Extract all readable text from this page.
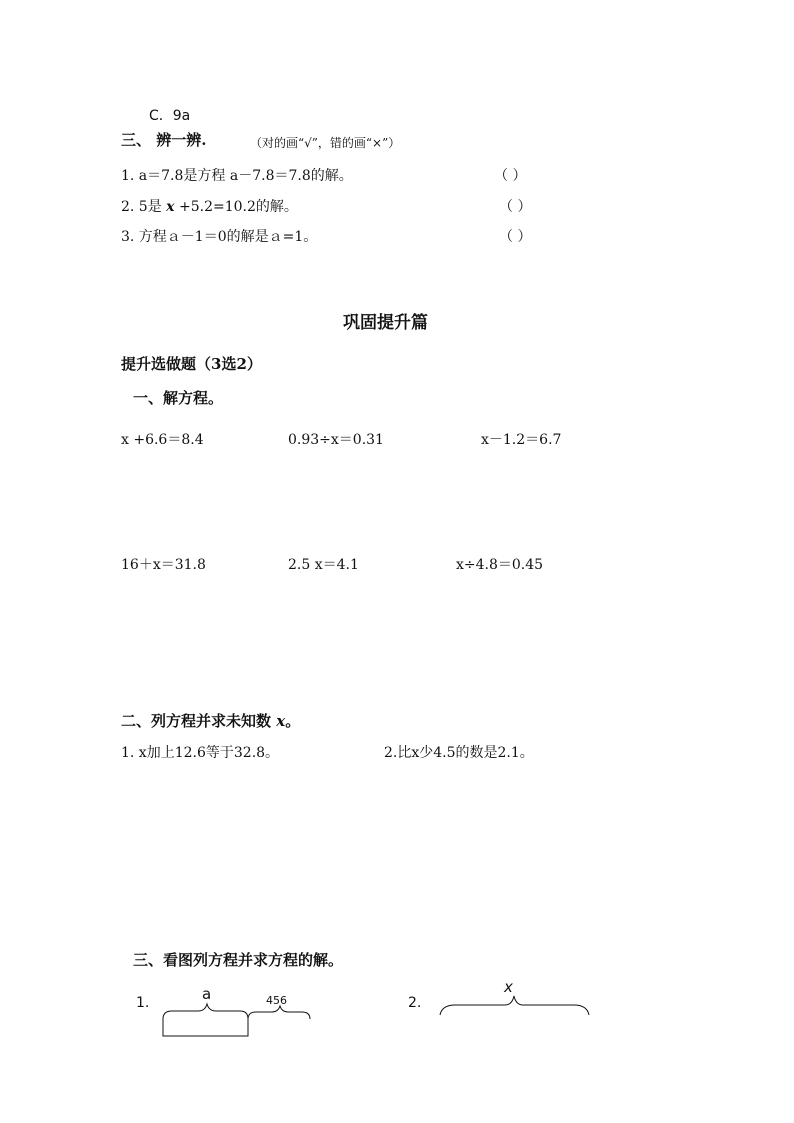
C．9a
三、 辨一辨.	（对的画“√”，错的画“×”）
1. a＝7.8是方程 a－7.8＝7.8的解。	（ ）
2. 5是 x +5.2=10.2的解。	（ ）
3. 方程ａ－1＝0的解是ａ=1。	（ ）
巩固提升篇
提升选做题（3选2）
一、解方程。
x +6.6＝8.4	0.93÷x＝0.31	x－1.2＝6.7
16＋x＝31.8	2.5 x＝4.1	x÷4.8＝0.45
二、列方程并求未知数 x。
1. x加上12.6等于32.8。	2.比x少4.5的数是2.1。
三、看图列方程并求方程的解。
1.	a	456	2.
x
